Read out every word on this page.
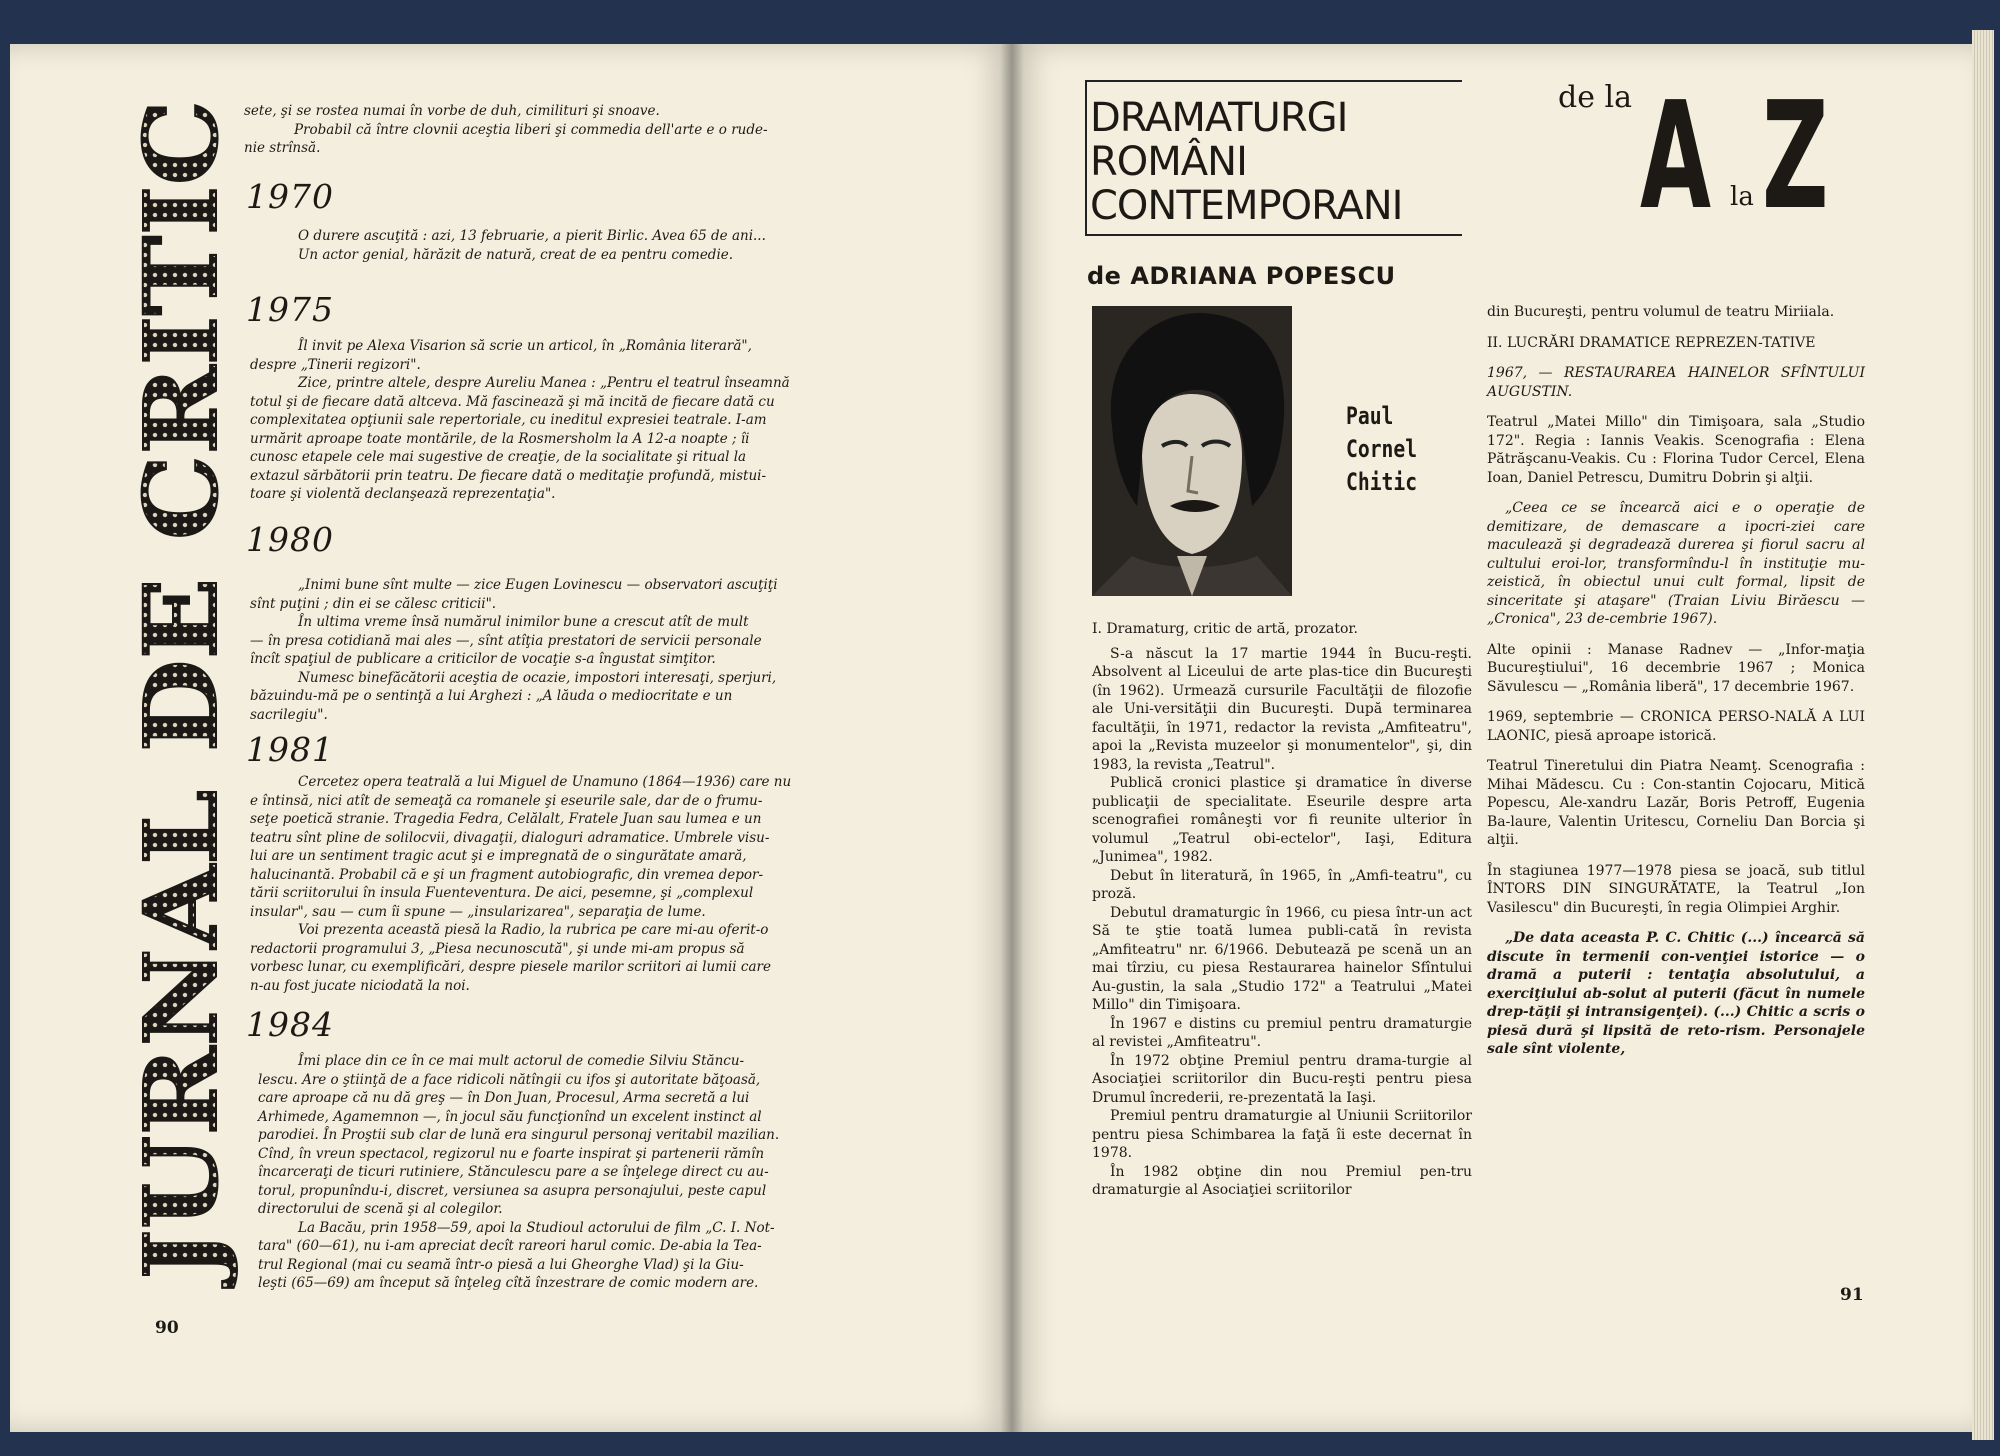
JURNAL DE CRITIC
sete, şi se rostea numai în vorbe de duh, cimilituri şi snoave.
Probabil că între clovnii aceştia liberi şi commedia dell'arte e o rude-
nie strînsă.
1970
O durere ascuţită : azi, 13 februarie, a pierit Birlic. Avea 65 de ani...
Un actor genial, hărăzit de natură, creat de ea pentru comedie.
1975
Îl invit pe Alexa Visarion să scrie un articol, în „România literară",
despre „Tinerii regizori".
Zice, printre altele, despre Aureliu Manea : „Pentru el teatrul înseamnă
totul şi de fiecare dată altceva. Mă fascinează şi mă incită de fiecare dată cu
complexitatea opţiunii sale repertoriale, cu ineditul expresiei teatrale. I-am
urmărit aproape toate montările, de la Rosmersholm la A 12-a noapte ; îi
cunosc etapele cele mai sugestive de creaţie, de la socialitate şi ritual la
extazul sărbătorii prin teatru. De fiecare dată o meditaţie profundă, mistui-
toare şi violentă declanşează reprezentaţia".
1980
„Inimi bune sînt multe — zice Eugen Lovinescu — observatori ascuţiţi
sînt puţini ; din ei se călesc criticii".
În ultima vreme însă numărul inimilor bune a crescut atît de mult
— în presa cotidiană mai ales —, sînt atîţia prestatori de servicii personale
încît spaţiul de publicare a criticilor de vocaţie s-a îngustat simţitor.
Numesc binefăcătorii aceştia de ocazie, impostori interesaţi, sperjuri,
băzuindu-mă pe o sentinţă a lui Arghezi : „A lăuda o mediocritate e un
sacrilegiu".
1981
Cercetez opera teatrală a lui Miguel de Unamuno (1864—1936) care nu
e întinsă, nici atît de semeaţă ca romanele şi eseurile sale, dar de o frumu-
seţe poetică stranie. Tragedia Fedra, Celălalt, Fratele Juan sau lumea e un
teatru sînt pline de solilocvii, divagaţii, dialoguri adramatice. Umbrele visu-
lui are un sentiment tragic acut şi e impregnată de o singurătate amară,
halucinantă. Probabil că e şi un fragment autobiografic, din vremea depor-
tării scriitorului în insula Fuenteventura. De aici, pesemne, şi „complexul
insular", sau — cum îi spune — „insularizarea", separaţia de lume.
Voi prezenta această piesă la Radio, la rubrica pe care mi-au oferit-o
redactorii programului 3, „Piesa necunoscută", şi unde mi-am propus să
vorbesc lunar, cu exemplificări, despre piesele marilor scriitori ai lumii care
n-au fost jucate niciodată la noi.
1984
Îmi place din ce în ce mai mult actorul de comedie Silviu Stăncu-
lescu. Are o ştiinţă de a face ridicoli nătîngii cu ifos şi autoritate băţoasă,
care aproape că nu dă greş — în Don Juan, Procesul, Arma secretă a lui
Arhimede, Agamemnon —, în jocul său funcţionînd un excelent instinct al
parodiei. În Proştii sub clar de lună era singurul personaj veritabil mazilian.
Cînd, în vreun spectacol, regizorul nu e foarte inspirat şi partenerii rămîn
încarceraţi de ticuri rutiniere, Stănculescu pare a se înţelege direct cu au-
torul, propunîndu-i, discret, versiunea sa asupra personajului, peste capul
directorului de scenă şi al colegilor.
La Bacău, prin 1958—59, apoi la Studioul actorului de film „C. I. Not-
tara" (60—61), nu i-am apreciat decît rareori harul comic. De-abia la Tea-
trul Regional (mai cu seamă într-o piesă a lui Gheorghe Vlad) şi la Giu-
leşti (65—69) am început să înţeleg cîtă înzestrare de comic modern are.
90
DRAMATURGI
ROMÂNI
CONTEMPORANI
de la A la Z
de ADRIANA POPESCU
Paul
Cornel
Chitic

I. Dramaturg, critic de artă, prozator.

S-a născut la 17 martie 1944 în Bucu-reşti. Absolvent al Liceului de arte plas-tice din Bucureşti (în 1962). Urmează cursurile Facultăţii de filozofie ale Uni-versităţii din Bucureşti. După terminarea facultăţii, în 1971, redactor la revista „Amfiteatru", apoi la „Revista muzeelor şi monumentelor", şi, din 1983, la revista „Teatrul".

Publică cronici plastice şi dramatice în diverse publicaţii de specialitate. Eseurile despre arta scenografiei româneşti vor fi reunite ulterior în volumul „Teatrul obi-ectelor", Iaşi, Editura „Junimea", 1982.

Debut în literatură, în 1965, în „Amfi-teatru", cu proză.

Debutul dramaturgic în 1966, cu piesa într-un act Să te ştie toată lumea publi-cată în revista „Amfiteatru" nr. 6/1966. Debutează pe scenă un an mai tîrziu, cu piesa Restaurarea hainelor Sfîntului Au-gustin, la sala „Studio 172" a Teatrului „Matei Millo" din Timişoara.

În 1967 e distins cu premiul pentru dramaturgie al revistei „Amfiteatru".

În 1972 obţine Premiul pentru drama-turgie al Asociaţiei scriitorilor din Bucu-reşti pentru piesa Drumul încrederii, re-prezentată la Iaşi.

Premiul pentru dramaturgie al Uniunii Scriitorilor pentru piesa Schimbarea la faţă îi este decernat în 1978.

În 1982 obţine din nou Premiul pen-tru dramaturgie al Asociaţiei scriitorilor

din Bucureşti, pentru volumul de teatru Miriiala.

II. LUCRĂRI DRAMATICE REPREZEN-TATIVE

1967, — RESTAURAREA HAINELOR SFÎNTULUI AUGUSTIN.

Teatrul „Matei Millo" din Timişoara, sala „Studio 172". Regia : Iannis Veakis. Scenografia : Elena Pătrăşcanu-Veakis. Cu : Florina Tudor Cercel, Elena Ioan, Daniel Petrescu, Dumitru Dobrin şi alţii.

„Ceea ce se încearcă aici e o operaţie de demitizare, de demascare a ipocri-ziei care maculează şi degradează durerea şi fiorul sacru al cultului eroi-lor, transformîndu-l în instituţie mu-zeistică, în obiectul unui cult formal, lipsit de sinceritate şi ataşare" (Traian Liviu Birăescu — „Cronica", 23 de-cembrie 1967).

Alte opinii : Manase Radnev — „Infor-maţia Bucureştiului", 16 decembrie 1967 ; Monica Săvulescu — „România liberă", 17 decembrie 1967.

1969, septembrie — CRONICA PERSO-NALĂ A LUI LAONIC, piesă aproape istorică.

Teatrul Tineretului din Piatra Neamţ. Scenografia : Mihai Mădescu. Cu : Con-stantin Cojocaru, Mitică Popescu, Ale-xandru Lazăr, Boris Petroff, Eugenia Ba-laure, Valentin Uritescu, Corneliu Dan Borcia şi alţii.

În stagiunea 1977—1978 piesa se joacă, sub titlul ÎNTORS DIN SINGURĂTATE, la Teatrul „Ion Vasilescu" din Bucureşti, în regia Olimpiei Arghir.

„De data aceasta P. C. Chitic (...) încearcă să discute în termenii con-venţiei istorice — o dramă a puterii : tentaţia absolutului, a exerciţiului ab-solut al puterii (făcut în numele drep-tăţii şi intransigenţei). (...) Chitic a scris o piesă dură şi lipsită de reto-rism. Personajele sale sînt violente,

91
